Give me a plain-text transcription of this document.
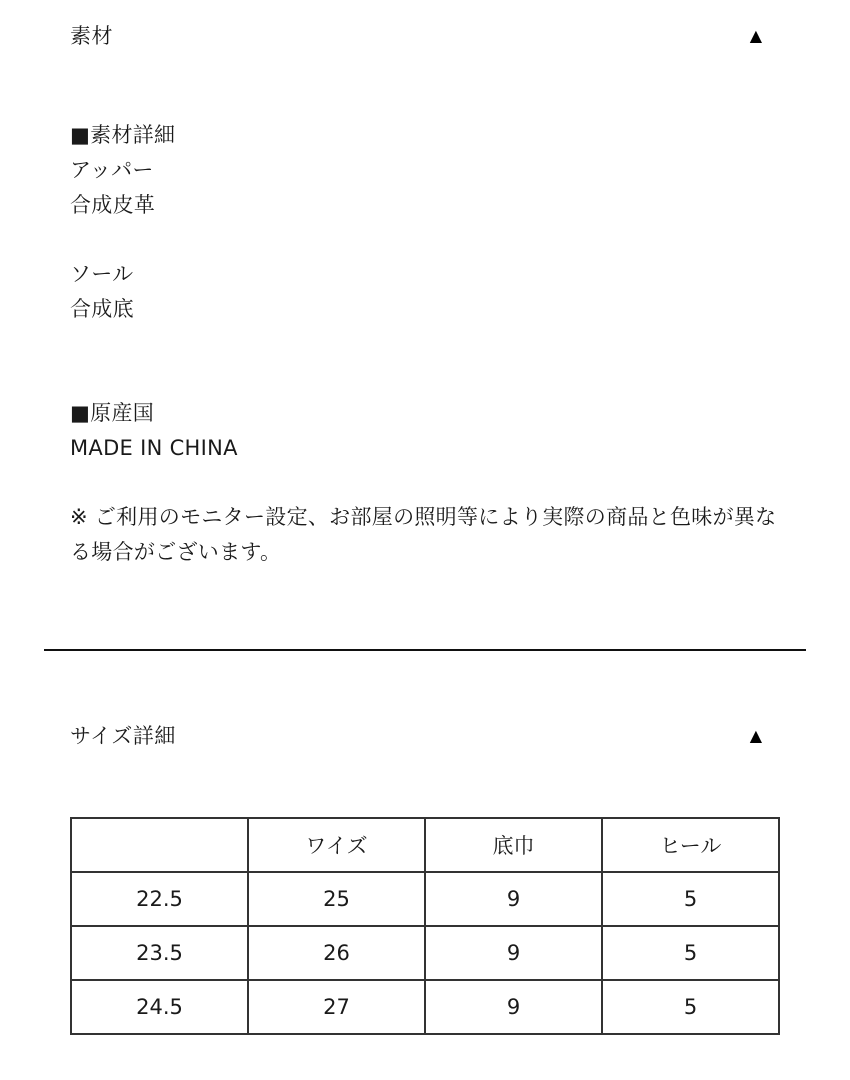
素材	▲
■素材詳細
アッパー
合成皮革
ソール
合成底
■原産国
MADE IN CHINA
※ ご利用のモニター設定、お部屋の照明等により実際の商品と色味が異なる場合がございます。
サイズ詳細	▲
	ワイズ	底巾	ヒール
22.5	25	9	5
23.5	26	9	5
24.5	27	9	5
